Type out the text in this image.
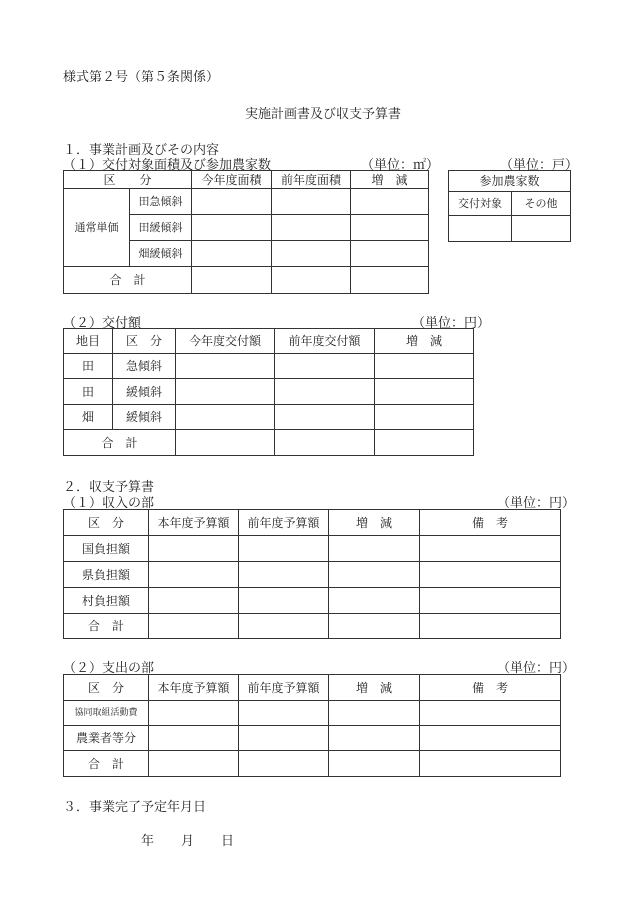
様式第２号（第５条関係）
実施計画書及び収支予算書
１．事業計画及びその内容
（１）交付対象面積及び参加農家数	（単位：㎡）	（単位：戸）
区　　分		今年度面積	前年度面積	増　減
通常単価	田急傾斜			
	田緩傾斜			
	畑緩傾斜			
合　計				
参加農家数	
交付対象	その他

（２）交付額	（単位：円）
地目	区　分	今年度交付額	前年度交付額	増　減
田	急傾斜			
田	緩傾斜			
畑	緩傾斜			
合　計				
２．収支予算書
（１）収入の部	（単位：円）
区　分	本年度予算額	前年度予算額	増　減	備　考
国負担額				
県負担額				
村負担額				
合　計				
（２）支出の部	（単位：円）
区　分	本年度予算額	前年度予算額	増　減	備　考
協同取組活動費				
農業者等分				
合　計				
３．事業完了予定年月日
年 月 日
